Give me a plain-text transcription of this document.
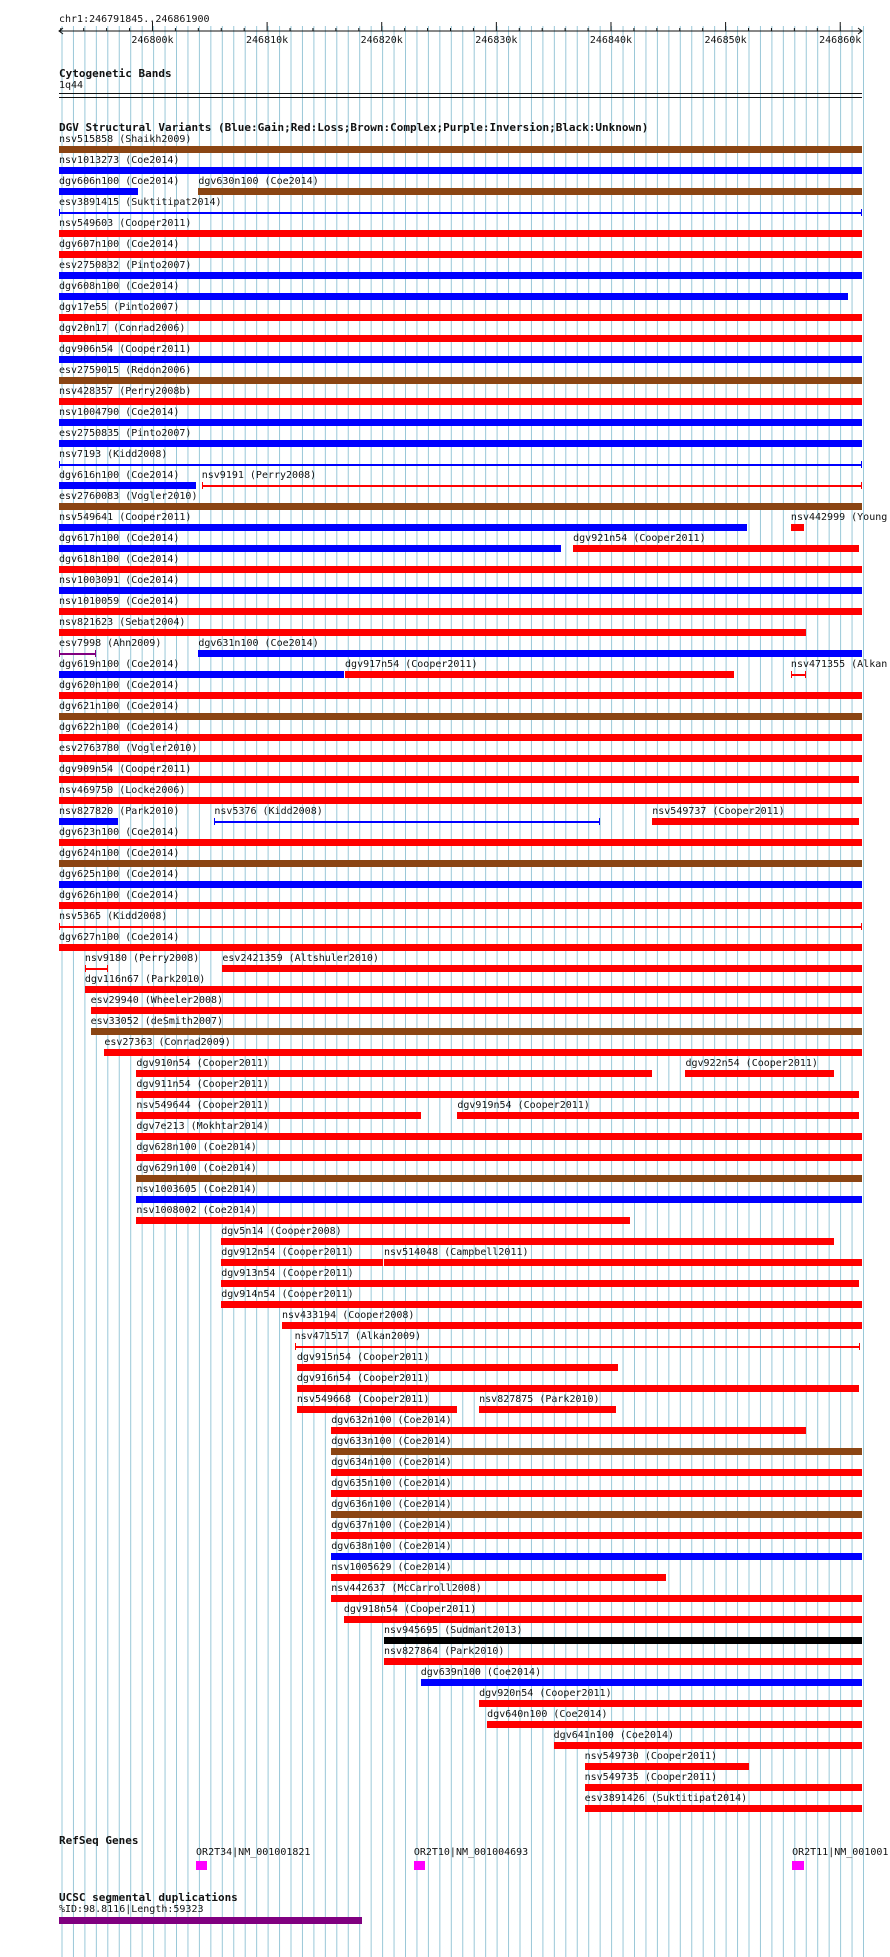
246800k	246810k	246820k	246830k	246840k	246850k	246860k
chr1:246791845..246861900
Cytogenetic Bands
1q44
DGV Structural Variants (Blue:Gain;Red:Loss;Brown:Complex;Purple:Inversion;Black:Unknown)
nsv515858 (Shaikh2009)
nsv1013273 (Coe2014)
dgv606n100 (Coe2014) dgv630n100 (Coe2014)
esv3891415 (Suktitipat2014)
nsv549603 (Cooper2011)
dgv607n100 (Coe2014)
esv2750832 (Pinto2007)
dgv608n100 (Coe2014)
dgv17e55 (Pinto2007)
dgv20n17 (Conrad2006)
dgv906n54 (Cooper2011)
esv2759015 (Redon2006)
nsv428357 (Perry2008b)
nsv1004790 (Coe2014)
esv2750835 (Pinto2007)
nsv7193 (Kidd2008)
dgv616n100 (Coe2014) nsv9191 (Perry2008)
esv2760083 (Vogler2010)
nsv549641 (Cooper2011)	nsv442999 (Young
dgv617n100 (Coe2014)	dgv921n54 (Cooper2011)
dgv618n100 (Coe2014)
nsv1003091 (Coe2014)
nsv1010059 (Coe2014)
nsv821623 (Sebat2004)
esv7998 (Ahn2009)	dgv631n100 (Coe2014)
dgv619n100 (Coe2014)	dgv917n54 (Cooper2011)	nsv471355 (Alkan
dgv620n100 (Coe2014)
dgv621n100 (Coe2014)
dgv622n100 (Coe2014)
esv2763780 (Vogler2010)
dgv909n54 (Cooper2011)
nsv469750 (Locke2006)
nsv827820 (Park2010)	nsv5376 (Kidd2008)	nsv549737 (Cooper2011)
dgv623n100 (Coe2014)
dgv624n100 (Coe2014)
dgv625n100 (Coe2014)
dgv626n100 (Coe2014)
nsv5365 (Kidd2008)
dgv627n100 (Coe2014)
nsv9180 (Perry2008) esv2421359 (Altshuler2010)
dgv116n67 (Park2010)
esv29940 (Wheeler2008)
esv33052 (deSmith2007)
esv27363 (Conrad2009)
dgv910n54 (Cooper2011)	dgv922n54 (Cooper2011)
dgv911n54 (Cooper2011)
nsv549644 (Cooper2011)	dgv919n54 (Cooper2011)
dgv7e213 (Mokhtar2014)
dgv628n100 (Coe2014)
dgv629n100 (Coe2014)
nsv1003605 (Coe2014)
nsv1008002 (Coe2014)
dgv5n14 (Cooper2008)
dgv912n54 (Cooper2011)	nsv514048 (Campbell2011)
dgv913n54 (Cooper2011)
dgv914n54 (Cooper2011)
nsv433194 (Cooper2008)
nsv471517 (Alkan2009)
dgv915n54 (Cooper2011)
dgv916n54 (Cooper2011)
nsv549668 (Cooper2011)	nsv827875 (Park2010)
dgv632n100 (Coe2014)
dgv633n100 (Coe2014)
dgv634n100 (Coe2014)
dgv635n100 (Coe2014)
dgv636n100 (Coe2014)
dgv637n100 (Coe2014)
dgv638n100 (Coe2014)
nsv1005629 (Coe2014)
nsv442637 (McCarroll2008)
dgv918n54 (Cooper2011)
nsv945695 (Sudmant2013)
nsv827864 (Park2010)
dgv639n100 (Coe2014)
dgv920n54 (Cooper2011)
dgv640n100 (Coe2014)
dgv641n100 (Coe2014)
nsv549730 (Cooper2011)
nsv549735 (Cooper2011)
esv3891426 (Suktitipat2014)
RefSeq Genes
OR2T34|NM_001001821	OR2T10|NM_001004693	OR2T11|NM_001001
UCSC segmental duplications
%ID:98.8116|Length:59323
